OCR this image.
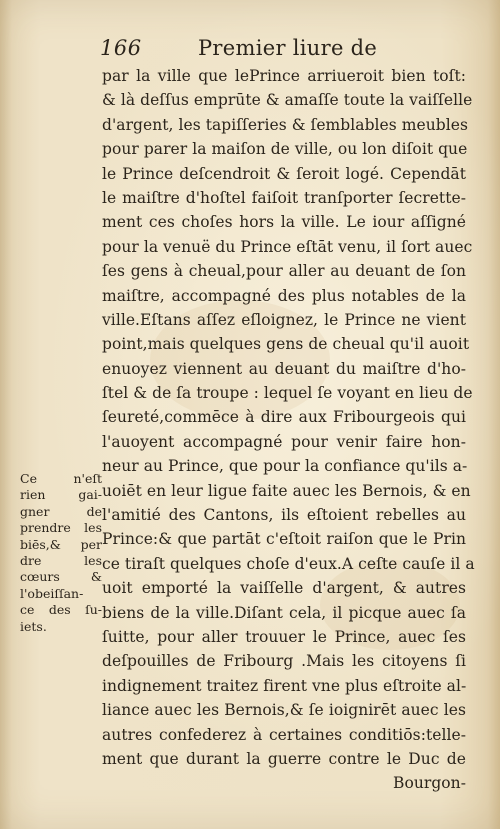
166	Premier liure de
Ce n'eſt
rien gai-
gner de
prendre les
biēs,& per
dre les
cœurs &
l'obeiſſan-
ce des ſu-
iets.
par la ville que lePrince arriueroit bien toſt:
& là deſſus emprūte & amaſſe toute la vaiſſelle
d'argent, les tapiſſeries & ſemblables meubles
pour parer la maiſon de ville, ou lon diſoit que
le Prince deſcendroit & ſeroit logé. Cependāt
le maiſtre d'hoſtel faiſoit tranſporter ſecrette-
ment ces choſes hors la ville. Le iour aſſigné
pour la venuë du Prince eſtāt venu, il ſort auec
ſes gens à cheual,pour aller au deuant de ſon
maiſtre, accompagné des plus notables de la
ville.Eſtans aſſez eſloignez, le Prince ne vient
point,mais quelques gens de cheual qu'il auoit
enuoyez viennent au deuant du maiſtre d'ho-
ſtel & de ſa troupe : lequel ſe voyant en lieu de
ſeureté,commēce à dire aux Fribourgeois qui
l'auoyent accompagné pour venir faire hon-
neur au Prince, que pour la confiance qu'ils a-
uoiēt en leur ligue faite auec les Bernois, & en
l'amitié des Cantons, ils eſtoient rebelles au
Prince:& que partāt c'eſtoit raiſon que le Prin
ce tiraſt quelques choſe d'eux.A ceſte cauſe il a
uoit emporté la vaiſſelle d'argent, & autres
biens de la ville.Diſant cela, il picque auec ſa
ſuitte, pour aller trouuer le Prince, auec ſes
deſpouilles de Fribourg .Mais les citoyens ſi
indignement traitez firent vne plus eſtroite al-
liance auec les Bernois,& ſe ioignirēt auec les
autres confederez à certaines conditiōs:telle-
ment que durant la guerre contre le Duc de
Bourgon-
